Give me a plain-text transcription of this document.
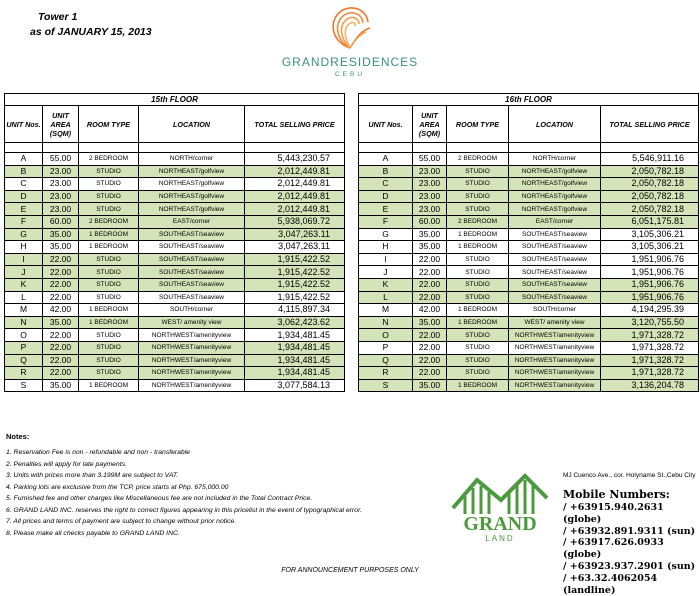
Tower 1
as of JANUARY 15, 2013
GRANDRESIDENCES
CEBU
15th FLOOR				
UNIT Nos.	UNIT AREA (SQM)	ROOM TYPE	LOCATION	TOTAL SELLING PRICE

A	55.00	2 BEDROOM	NORTH/corner	5,443,230.57
B	23.00	STUDIO	NORTHEAST/golfview	2,012,449.81
C	23.00	STUDIO	NORTHEAST/golfview	2,012,449.81
D	23.00	STUDIO	NORTHEAST/golfview	2,012,449.81
E	23.00	STUDIO	NORTHEAST/golfview	2,012,449.81
F	60.00	2 BEDROOM	EAST/corner	5,938,069.72
G	35.00	1 BEDROOM	SOUTHEAST/seaview	3,047,263.11
H	35.00	1 BEDROOM	SOUTHEAST/seaview	3,047,263.11
I	22.00	STUDIO	SOUTHEAST/seaview	1,915,422.52
J	22.00	STUDIO	SOUTHEAST/seaview	1,915,422.52
K	22.00	STUDIO	SOUTHEAST/seaview	1,915,422.52
L	22.00	STUDIO	SOUTHEAST/seaview	1,915,422.52
M	42.00	1 BEDROOM	SOUTH/corner	4,115,897.34
N	35.00	1 BEDROOM	WEST/ amenity view	3,062,423.62
O	22.00	STUDIO	NORTHWEST/amenityview	1,934,481.45
P	22.00	STUDIO	NORTHWEST/amenityview	1,934,481.45
Q	22.00	STUDIO	NORTHWEST/amenityview	1,934,481.45
R	22.00	STUDIO	NORTHWEST/amenityview	1,934,481.45
S	35.00	1 BEDROOM	NORTHWEST/amenityview	3,077,584.13
16th FLOOR				
UNIT Nos.	UNIT AREA (SQM)	ROOM TYPE	LOCATION	TOTAL SELLING PRICE

A	55.00	2 BEDROOM	NORTH/corner	5,546,911.16
B	23.00	STUDIO	NORTHEAST/golfview	2,050,782.18
C	23.00	STUDIO	NORTHEAST/golfview	2,050,782.18
D	23.00	STUDIO	NORTHEAST/golfview	2,050,782.18
E	23.00	STUDIO	NORTHEAST/golfview	2,050,782.18
F	60.00	2 BEDROOM	EAST/corner	6,051,175.81
G	35.00	1 BEDROOM	SOUTHEAST/seaview	3,105,306.21
H	35.00	1 BEDROOM	SOUTHEAST/seaview	3,105,306.21
I	22.00	STUDIO	SOUTHEAST/seaview	1,951,906.76
J	22.00	STUDIO	SOUTHEAST/seaview	1,951,906.76
K	22.00	STUDIO	SOUTHEAST/seaview	1,951,906.76
L	22.00	STUDIO	SOUTHEAST/seaview	1,951,906.76
M	42.00	1 BEDROOM	SOUTH/corner	4,194,295.39
N	35.00	1 BEDROOM	WEST/ amenity view	3,120,755.50
O	22.00	STUDIO	NORTHWEST/amenityview	1,971,328.72
P	22.00	STUDIO	NORTHWEST/amenityview	1,971,328.72
Q	22.00	STUDIO	NORTHWEST/amenityview	1,971,328.72
R	22.00	STUDIO	NORTHWEST/amenityview	1,971,328.72
S	35.00	1 BEDROOM	NORTHWEST/amenityview	3,136,204.78
Notes:
1. Reservation Fee is non - refundable and non - transferable
2. Penalties will apply for late payments.
3. Units with prices more than 3.199M are subject to VAT.
4. Parking lots are exclusive from the TCP, price starts at Php. 675,000.00
5. Furnished fee and other charges like Miscellaneous fee are not included in the Total Contract Price.
6. GRAND LAND INC. reserves the right to correct figures appearing in this pricelist in the event of typographical error.
7. All prices and terms of payment are subject to change without prior notice.
8. Please make all checks payable to GRAND LAND INC.	GRAND
LAND
MJ Cuenco Ave., cor. Holyname St.,Cebu City
Mobile Numbers:
/ +63915.940.2631 (globe)
/ +63932.891.9311 (sun)
/ +63917.626.0933 (globe)
/ +63923.937.2901 (sun)
/ +63.32.4062054 (landline)
FOR ANNOUNCEMENT PURPOSES ONLY
